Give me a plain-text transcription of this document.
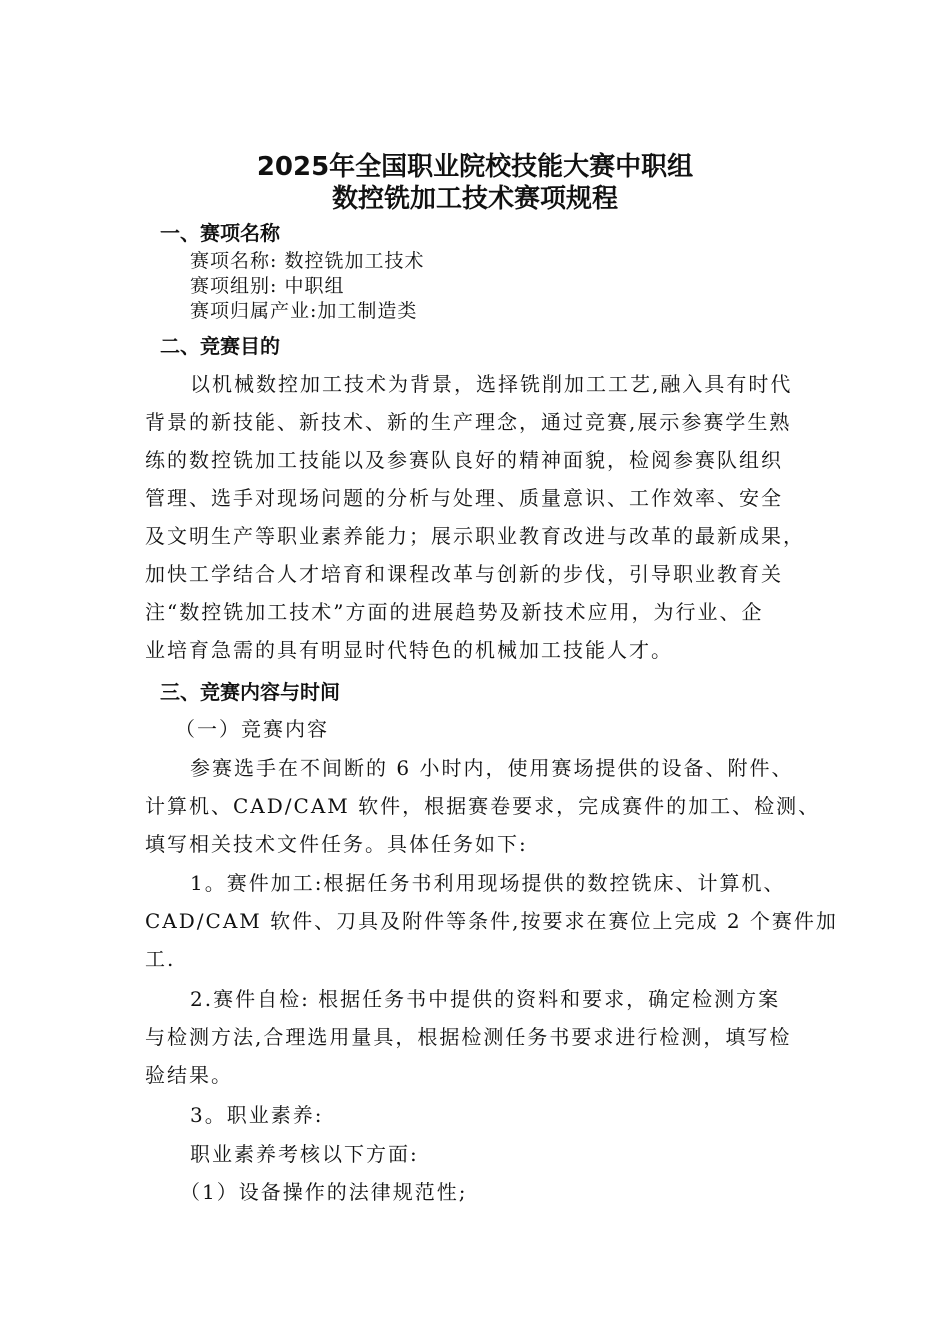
2025年全国职业院校技能大赛中职组
数控铣加工技术赛项规程
一、赛项名称
赛项名称: 数控铣加工技术
赛项组别: 中职组
赛项归属产业:加工制造类
二、竞赛目的
以机械数控加工技术为背景，选择铣削加工工艺,融入具有时代
背景的新技能、新技术、新的生产理念，通过竞赛,展示参赛学生熟
练的数控铣加工技能以及参赛队良好的精神面貌，检阅参赛队组织
管理、选手对现场问题的分析与处理、质量意识、工作效率、安全
及文明生产等职业素养能力；展示职业教育改进与改革的最新成果，
加快工学结合人才培育和课程改革与创新的步伐，引导职业教育关
注“数控铣加工技术”方面的进展趋势及新技术应用，为行业、企
业培育急需的具有明显时代特色的机械加工技能人才。
三、竞赛内容与时间
（一）竞赛内容
参赛选手在不间断的 6 小时内，使用赛场提供的设备、附件、
计算机、CAD/CAM 软件，根据赛卷要求，完成赛件的加工、检测、
填写相关技术文件任务。具体任务如下:
1。赛件加工:根据任务书利用现场提供的数控铣床、计算机、
CAD/CAM 软件、刀具及附件等条件,按要求在赛位上完成 2 个赛件加
工.
2.赛件自检: 根据任务书中提供的资料和要求，确定检测方案
与检测方法,合理选用量具，根据检测任务书要求进行检测，填写检
验结果。
3。职业素养:
职业素养考核以下方面:
（1）设备操作的法律规范性;
